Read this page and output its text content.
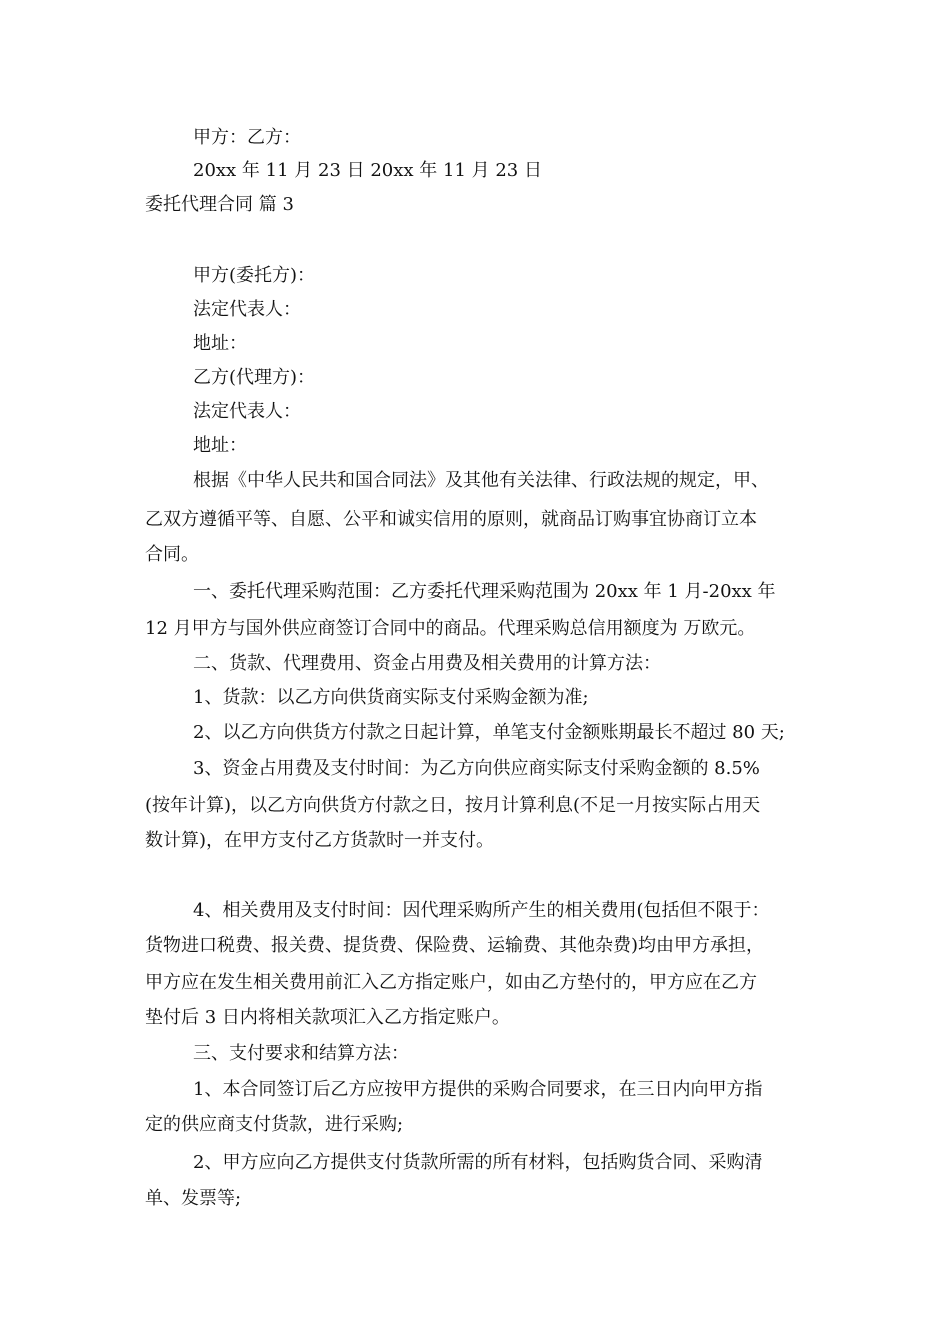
甲方：乙方：
20xx 年 11 月 23 日 20xx 年 11 月 23 日
委托代理合同 篇 3
甲方(委托方)：
法定代表人：
地址：
乙方(代理方)：
法定代表人：
地址：
根据《中华人民共和国合同法》及其他有关法律、行政法规的规定，甲、
乙双方遵循平等、自愿、公平和诚实信用的原则，就商品订购事宜协商订立本
合同。
一、委托代理采购范围：乙方委托代理采购范围为 20xx 年 1 月-20xx 年
12 月甲方与国外供应商签订合同中的商品。代理采购总信用额度为 万欧元。
二、货款、代理费用、资金占用费及相关费用的计算方法：
1、货款：以乙方向供货商实际支付采购金额为准;
2、以乙方向供货方付款之日起计算，单笔支付金额账期最长不超过 80 天;
3、资金占用费及支付时间：为乙方向供应商实际支付采购金额的 8.5%
(按年计算)，以乙方向供货方付款之日，按月计算利息(不足一月按实际占用天
数计算)，在甲方支付乙方货款时一并支付。
4、相关费用及支付时间：因代理采购所产生的相关费用(包括但不限于：
货物进口税费、报关费、提货费、保险费、运输费、其他杂费)均由甲方承担，
甲方应在发生相关费用前汇入乙方指定账户，如由乙方垫付的，甲方应在乙方
垫付后 3 日内将相关款项汇入乙方指定账户。
三、支付要求和结算方法：
1、本合同签订后乙方应按甲方提供的采购合同要求，在三日内向甲方指
定的供应商支付货款，进行采购;
2、甲方应向乙方提供支付货款所需的所有材料，包括购货合同、采购清
单、发票等;
